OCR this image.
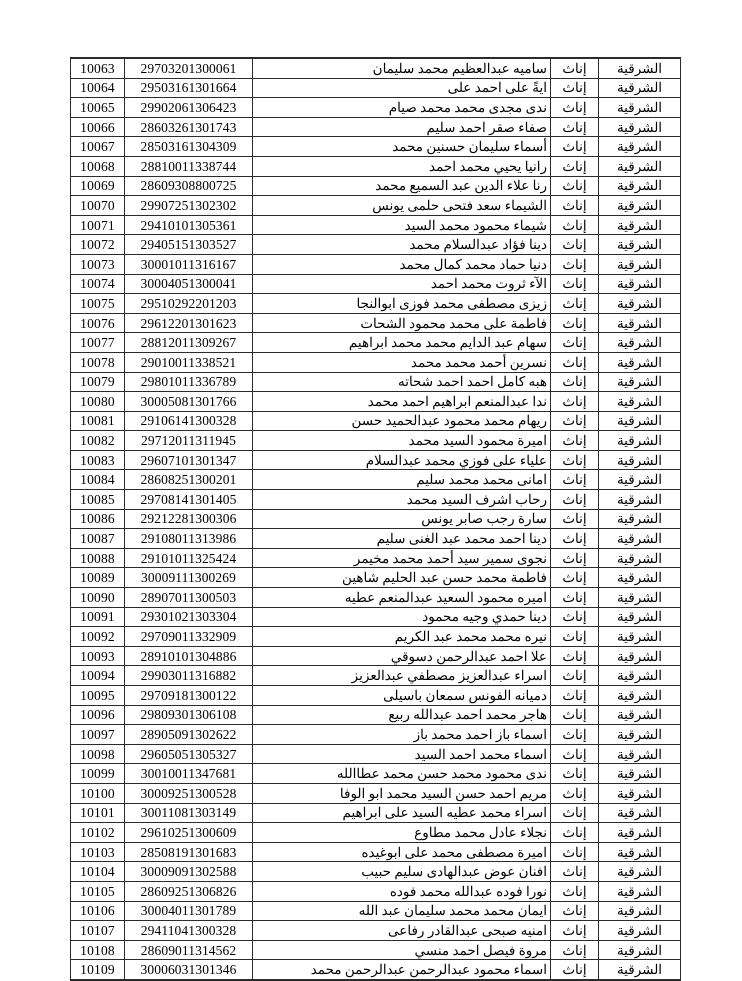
الشرقية	إناث	ساميه عبدالعظيم محمد سليمان	29703201300061	10063
الشرقية	إناث	ايةً على احمد على	29503161301664	10064
الشرقية	إناث	ندى مجدى محمد محمد صيام	29902061306423	10065
الشرقية	إناث	صفاء صقر احمد سليم	28603261301743	10066
الشرقية	إناث	أسماء سليمان حسنين محمد	28503161304309	10067
الشرقية	إناث	رانيا يحيي محمد احمد	28810011338744	10068
الشرقية	إناث	رنا علاء الدين عبد السميع محمد	28609308800725	10069
الشرقية	إناث	الشيماء سعد فتحى حلمى يونس	29907251302302	10070
الشرقية	إناث	شيماء محمود محمد السيد	29410101305361	10071
الشرقية	إناث	دينا فؤاد عبدالسلام محمد	29405151303527	10072
الشرقية	إناث	دنيا حماد محمد كمال محمد	30001011316167	10073
الشرقية	إناث	الآء ثروت محمد احمد	30004051300041	10074
الشرقية	إناث	زيزى مصطفى محمد فوزى ابوالنجا	29510292201203	10075
الشرقية	إناث	فاطمة على محمد محمود الشحات	29612201301623	10076
الشرقية	إناث	سهام عبد الدايم محمد محمد ابراهيم	28812011309267	10077
الشرقية	إناث	نسرين أحمد محمد محمد	29010011338521	10078
الشرقية	إناث	هبه كامل احمد احمد شحاته	29801011336789	10079
الشرقية	إناث	ندا عبدالمنعم ابراهيم احمد محمد	30005081301766	10080
الشرقية	إناث	ريهام محمد محمود عبدالحميد حسن	29106141300328	10081
الشرقية	إناث	اميرة محمود السيد محمد	29712011311945	10082
الشرقية	إناث	علياء على فوزي محمد عبدالسلام	29607101301347	10083
الشرقية	إناث	امانى محمد محمد سليم	28608251300201	10084
الشرقية	إناث	رحاب اشرف السيد محمد	29708141301405	10085
الشرقية	إناث	سارة رجب صابر يونس	29212281300306	10086
الشرقية	إناث	دينا احمد محمد عبد الغنى سليم	29108011313986	10087
الشرقية	إناث	نجوى سمير سيد أحمد محمد مخيمر	29101011325424	10088
الشرقية	إناث	فاطمة محمد حسن عبد الحليم شاهين	30009111300269	10089
الشرقية	إناث	اميره محمود السعيد عبدالمنعم عطيه	28907011300503	10090
الشرقية	إناث	دينا حمدي وجيه محمود	29301021303304	10091
الشرقية	إناث	نيره محمد محمد عبد الكريم	29709011332909	10092
الشرقية	إناث	علا احمد عبدالرحمن دسوقي	28910101304886	10093
الشرقية	إناث	اسراء عبدالعزيز مصطفي عبدالعزيز	29903011316882	10094
الشرقية	إناث	دميانه الفونس سمعان باسيلى	29709181300122	10095
الشرقية	إناث	هاجر محمد احمد عبدالله ربيع	29809301306108	10096
الشرقية	إناث	اسماء باز احمد محمد باز	28905091302622	10097
الشرقية	إناث	اسماء محمد احمد السيد	29605051305327	10098
الشرقية	إناث	ندى محمود محمد حسن محمد عطاالله	30010011347681	10099
الشرقية	إناث	مريم احمد حسن السيد محمد ابو الوفا	30009251300528	10100
الشرقية	إناث	اسراء محمد عطيه السيد على ابراهيم	30011081303149	10101
الشرقية	إناث	نجلاء عادل محمد مطاوع	29610251300609	10102
الشرقية	إناث	اميرة مصطفى محمد على ابوغيده	28508191301683	10103
الشرقية	إناث	افنان عوض عبدالهادى سليم حبيب	30009091302588	10104
الشرقية	إناث	نورا فوده عبدالله محمد فوده	28609251306826	10105
الشرقية	إناث	ايمان محمد محمد سليمان عبد الله	30004011301789	10106
الشرقية	إناث	امنيه صبحى عبدالقادر رفاعى	29411041300328	10107
الشرقية	إناث	مروة فيصل احمد منسي	28609011314562	10108
الشرقية	إناث	اسماء محمود عبدالرحمن عبدالرحمن محمد	30006031301346	10109
